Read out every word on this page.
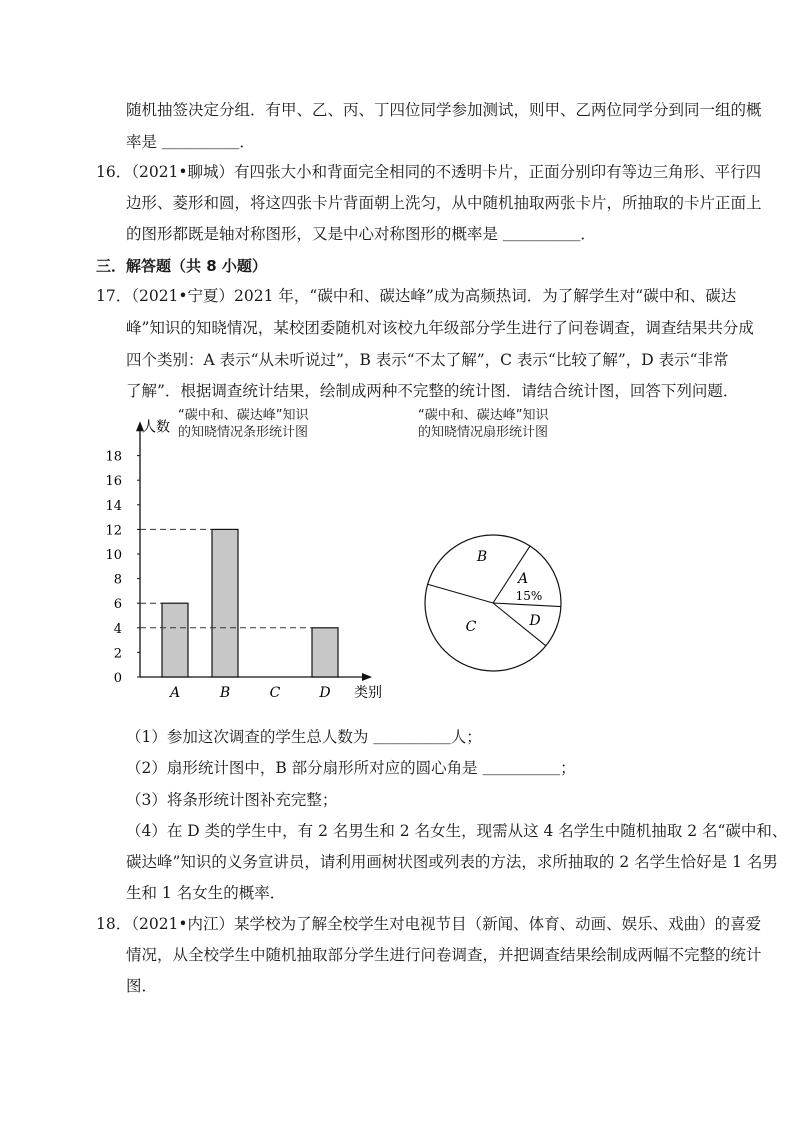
随机抽签决定分组．有甲、乙、丙、丁四位同学参加测试，则甲、乙两位同学分到同一组的概
率是 ＿＿＿＿＿．
16．（2021•聊城）有四张大小和背面完全相同的不透明卡片，正面分别印有等边三角形、平行四
边形、菱形和圆，将这四张卡片背面朝上洗匀，从中随机抽取两张卡片，所抽取的卡片正面上
的图形都既是轴对称图形，又是中心对称图形的概率是 ＿＿＿＿＿．
三．解答题（共 8 小题）
17．（2021•宁夏）2021 年，“碳中和、碳达峰”成为高频热词．为了解学生对“碳中和、碳达
峰”知识的知晓情况，某校团委随机对该校九年级部分学生进行了问卷调查，调查结果共分成
四个类别：A 表示“从未听说过”，B 表示“不太了解”，C 表示“比较了解”，D 表示“非常
了解”．根据调查统计结果，绘制成两种不完整的统计图．请结合统计图，回答下列问题．
“碳中和、碳达峰”知识
的知晓情况条形统计图
“碳中和、碳达峰”知识
的知晓情况扇形统计图
人数
类别
0
2
4
6
8
10
12
14
16
18
A	B	C	D
A
B
C	D
15%
（1）参加这次调查的学生总人数为 ＿＿＿＿＿人；
（2）扇形统计图中，B 部分扇形所对应的圆心角是 ＿＿＿＿＿；
（3）将条形统计图补充完整；
（4）在 D 类的学生中，有 2 名男生和 2 名女生，现需从这 4 名学生中随机抽取 2 名“碳中和、
碳达峰”知识的义务宣讲员，请利用画树状图或列表的方法，求所抽取的 2 名学生恰好是 1 名男
生和 1 名女生的概率．
18．（2021•内江）某学校为了解全校学生对电视节目（新闻、体育、动画、娱乐、戏曲）的喜爱
情况，从全校学生中随机抽取部分学生进行问卷调查，并把调查结果绘制成两幅不完整的统计
图．
